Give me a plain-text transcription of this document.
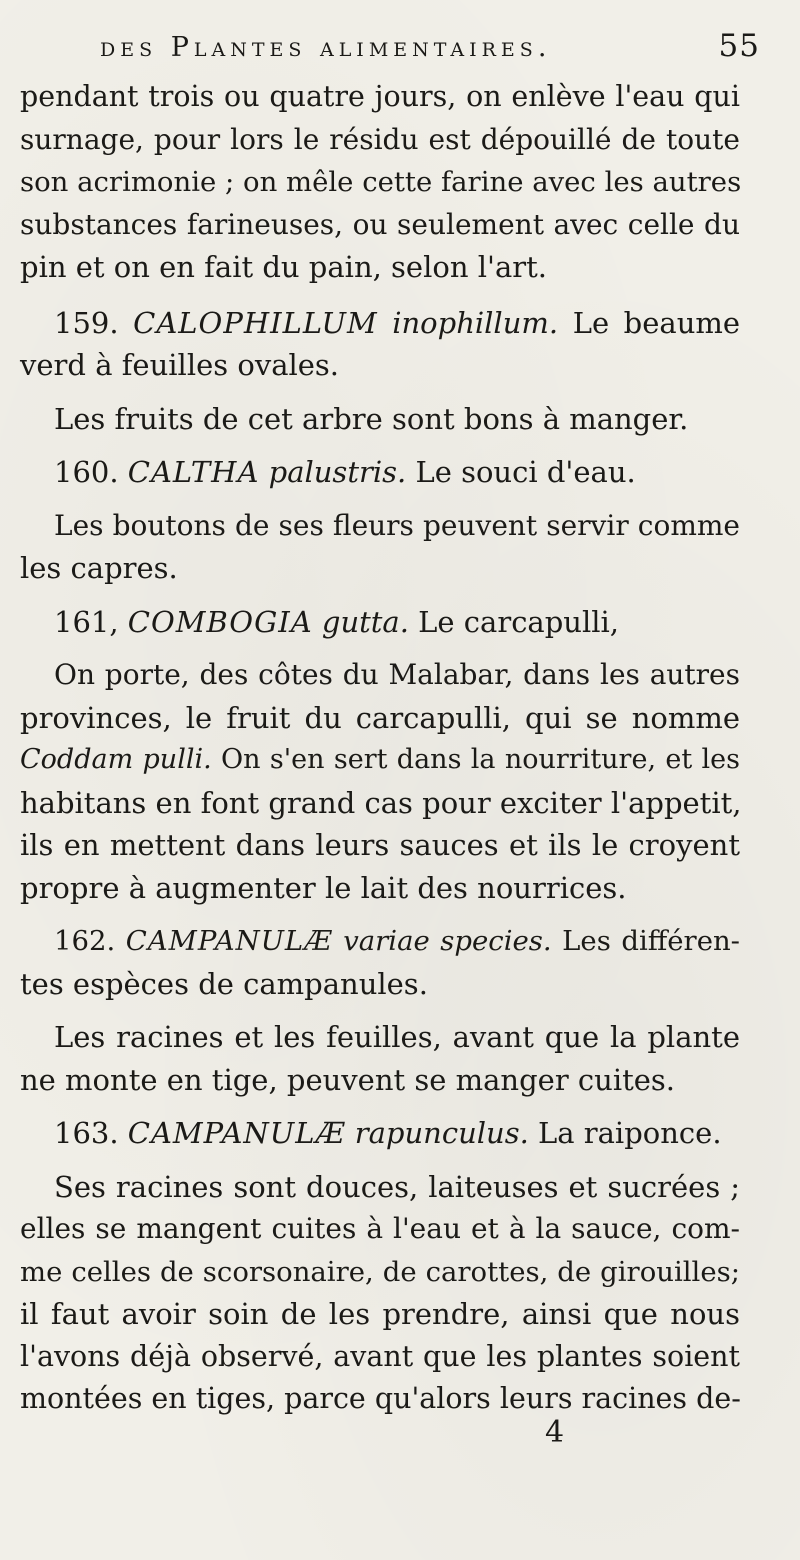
des Plantes alimentaires.	55
pendant trois ou quatre jours, on enlève l'eau qui
surnage, pour lors le résidu est dépouillé de toute
son acrimonie ; on mêle cette farine avec les autres
substances farineuses, ou seulement avec celle du
pin et on en fait du pain, selon l'art.
159. CALOPHILLUM inophillum. Le beaume
verd à feuilles ovales.
Les fruits de cet arbre sont bons à manger.
160. CALTHA palustris. Le souci d'eau.
Les boutons de ses fleurs peuvent servir comme
les capres.
161, COMBOGIA gutta. Le carcapulli,
On porte, des côtes du Malabar, dans les autres
provinces, le fruit du carcapulli, qui se nomme
Coddam pulli. On s'en sert dans la nourriture, et les
habitans en font grand cas pour exciter l'appetit,
ils en mettent dans leurs sauces et ils le croyent
propre à augmenter le lait des nourrices.
162. CAMPANULÆ variae species. Les différen-
tes espèces de campanules.
Les racines et les feuilles, avant que la plante
ne monte en tige, peuvent se manger cuites.
163. CAMPANULÆ rapunculus. La raiponce.
Ses racines sont douces, laiteuses et sucrées ;
elles se mangent cuites à l'eau et à la sauce, com-
me celles de scorsonaire, de carottes, de girouilles;
il faut avoir soin de les prendre, ainsi que nous
l'avons déjà observé, avant que les plantes soient
montées en tiges, parce qu'alors leurs racines de-
4
